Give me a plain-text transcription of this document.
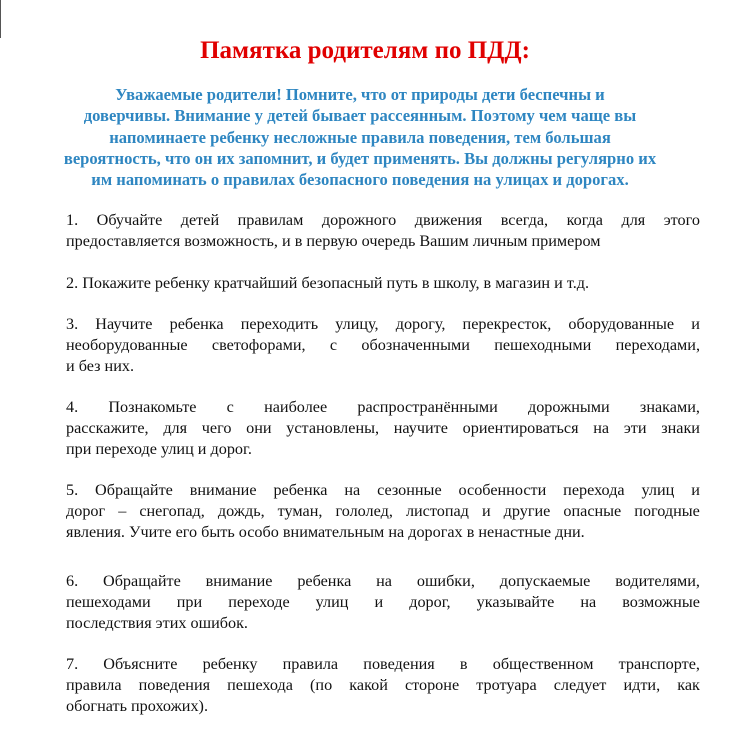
Памятка родителям по ПДД:
Уважаемые родители! Помните, что от природы дети беспечны и
доверчивы. Внимание у детей бывает рассеянным. Поэтому чем чаще вы
напоминаете ребенку несложные правила поведения, тем большая
вероятность, что он их запомнит, и будет применять. Вы должны регулярно их
им напоминать о правилах безопасного поведения на улицах и дорогах.
1. Обучайте детей правилам дорожного движения всегда, когда для этого
предоставляется возможность, и в первую очередь Вашим личным примером
2. Покажите ребенку кратчайший безопасный путь в школу, в магазин и т.д.
3. Научите ребенка переходить улицу, дорогу, перекресток, оборудованные и
необорудованные светофорами, с обозначенными пешеходными переходами,
и без них.
4. Познакомьте с наиболее распространёнными дорожными знаками,
расскажите, для чего они установлены, научите ориентироваться на эти знаки
при переходе улиц и дорог.
5. Обращайте внимание ребенка на сезонные особенности перехода улиц и
дорог – снегопад, дождь, туман, гололед, листопад и другие опасные погодные
явления. Учите его быть особо внимательным на дорогах в ненастные дни.
6. Обращайте внимание ребенка на ошибки, допускаемые водителями,
пешеходами при переходе улиц и дорог, указывайте на возможные
последствия этих ошибок.
7. Объясните ребенку правила поведения в общественном транспорте,
правила поведения пешехода (по какой стороне тротуара следует идти, как
обогнать прохожих).
